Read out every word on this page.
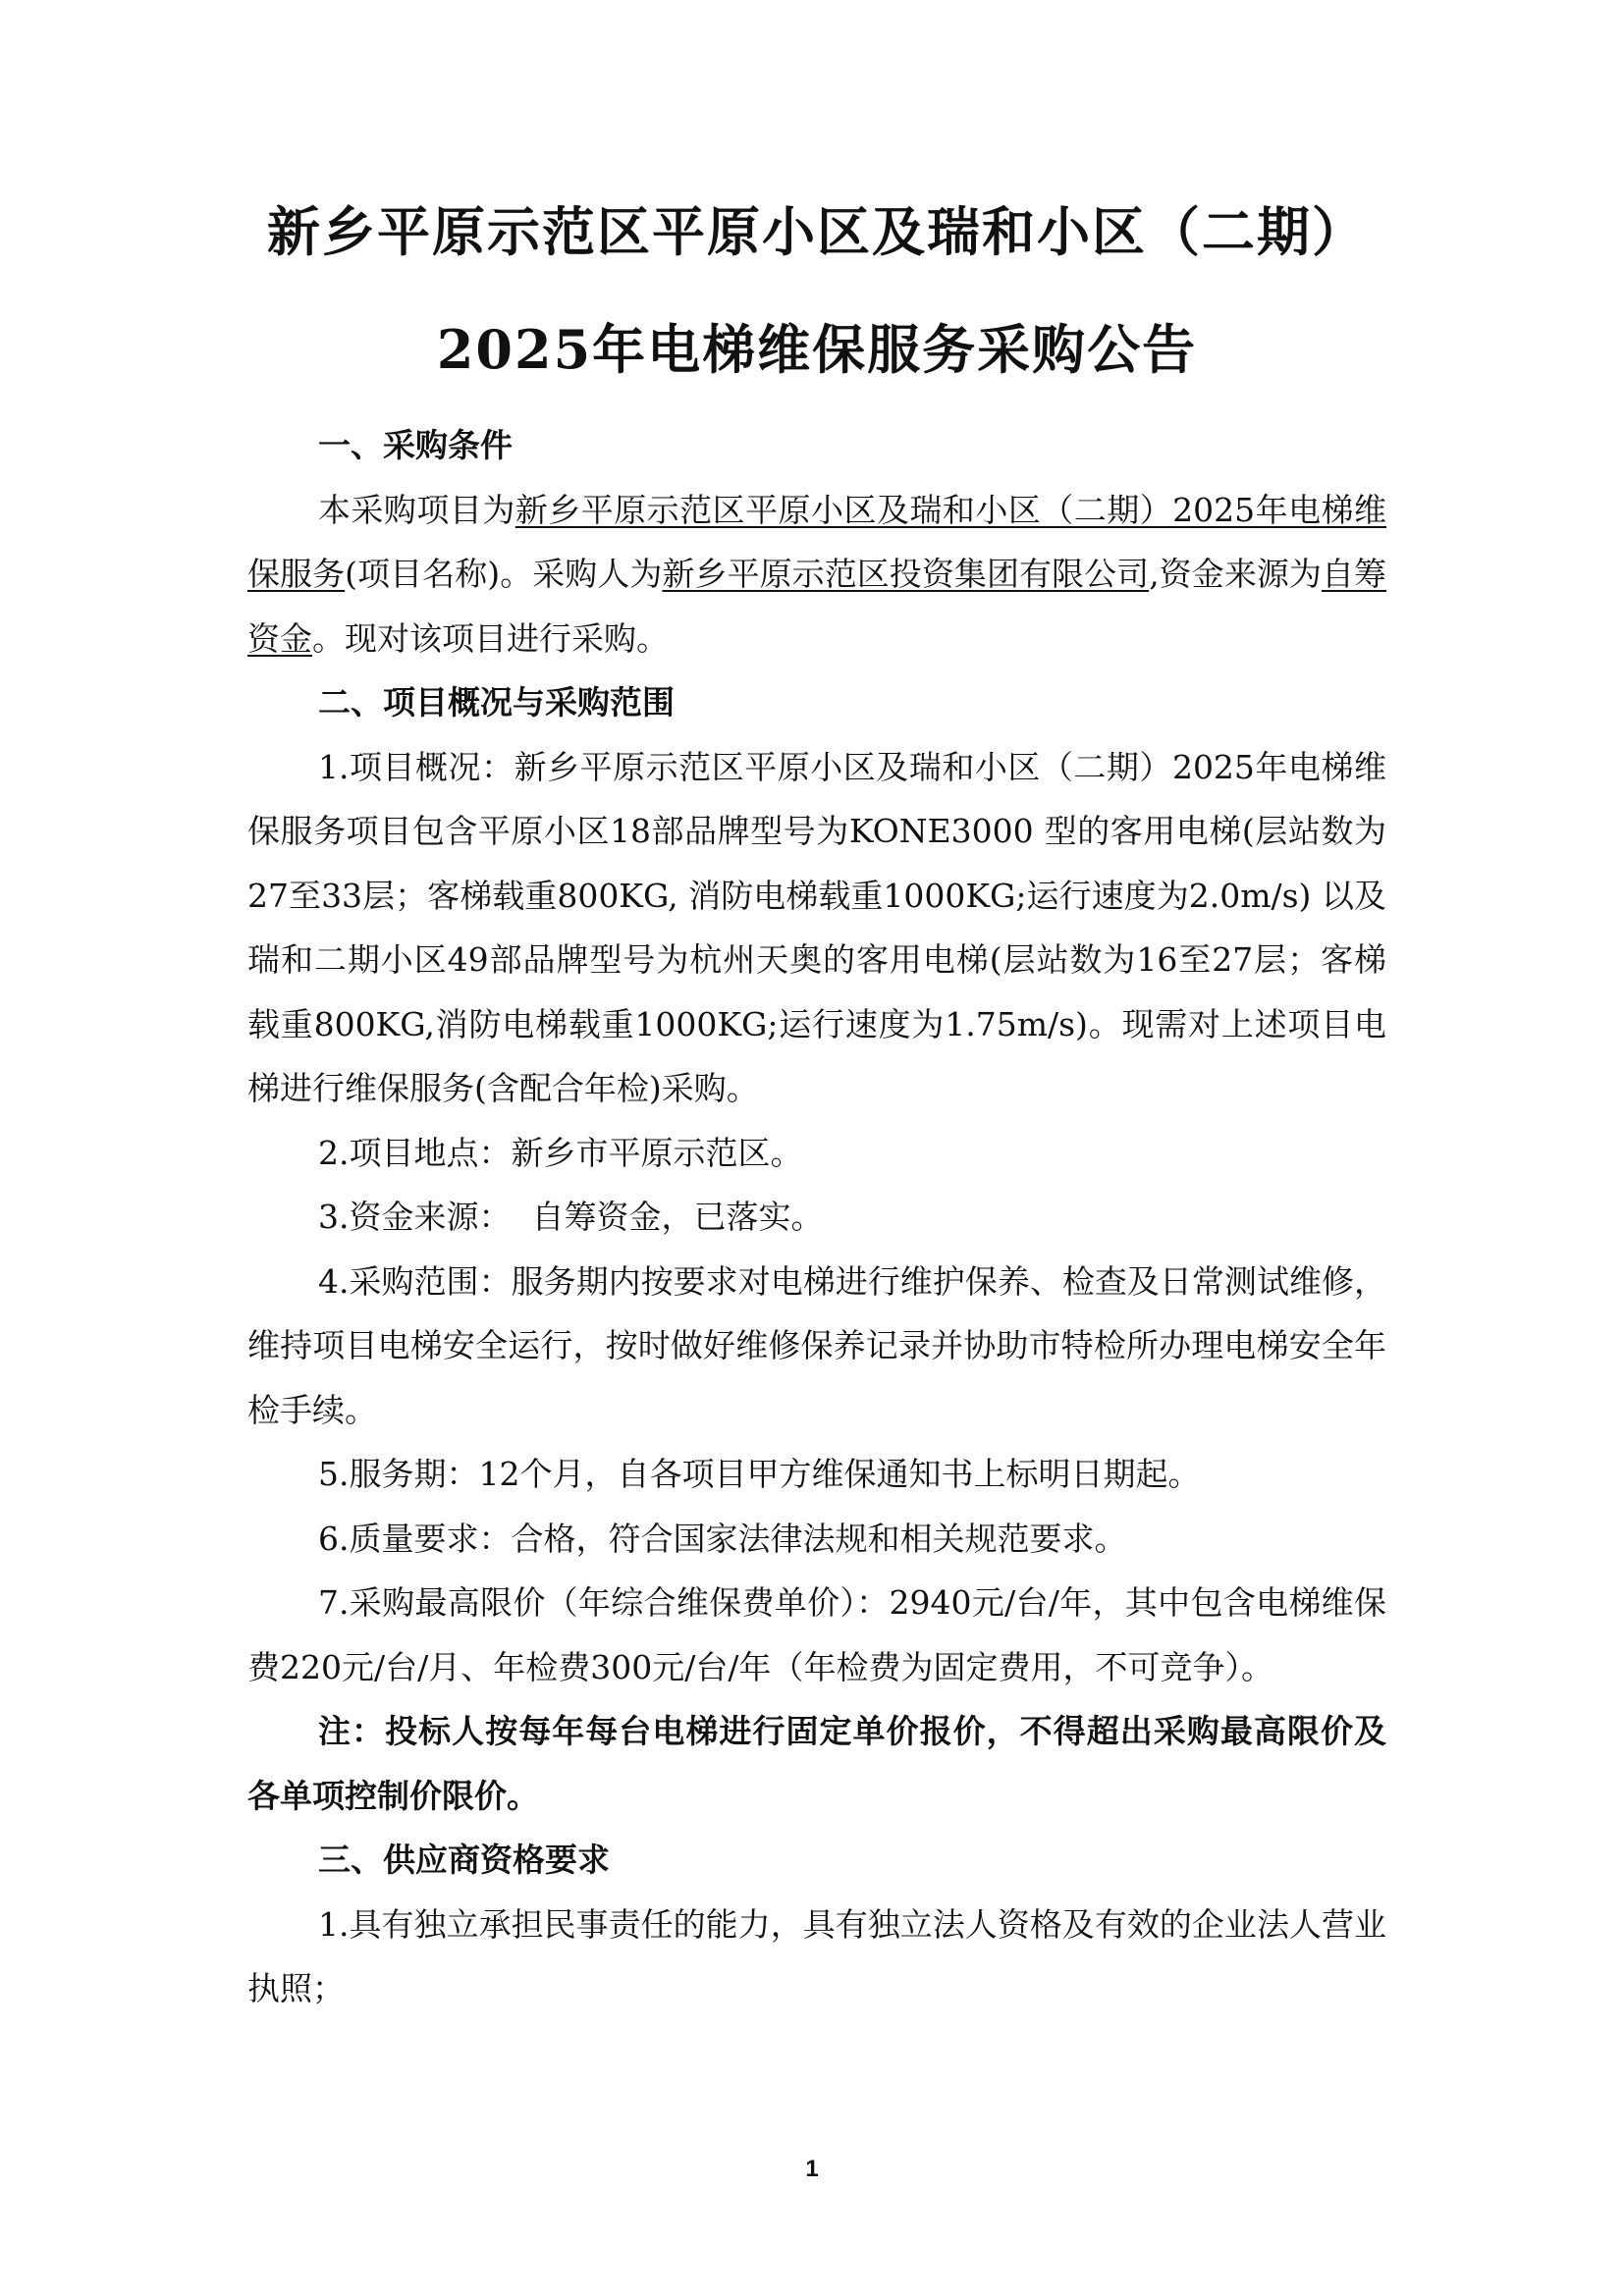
新乡平原示范区平原小区及瑞和小区（二期）
2025年电梯维保服务采购公告

一、采购条件

本采购项目为新乡平原示范区平原小区及瑞和小区（二期）2025年电梯维保服务(项目名称)。采购人为新乡平原示范区投资集团有限公司,资金来源为自筹资金。现对该项目进行采购。

二、项目概况与采购范围

1.项目概况：新乡平原示范区平原小区及瑞和小区（二期）2025年电梯维保服务项目包含平原小区18部品牌型号为KONE3000 型的客用电梯(层站数为27至33层；客梯载重800KG, 消防电梯载重1000KG;运行速度为2.0m/s) 以及瑞和二期小区49部品牌型号为杭州天奥的客用电梯(层站数为16至27层；客梯载重800KG,消防电梯载重1000KG;运行速度为1.75m/s)。现需对上述项目电梯进行维保服务(含配合年检)采购。

2.项目地点：新乡市平原示范区。

3.资金来源：  自筹资金，已落实。

4.采购范围：服务期内按要求对电梯进行维护保养、检查及日常测试维修，维持项目电梯安全运行，按时做好维修保养记录并协助市特检所办理电梯安全年检手续。

5.服务期：12个月，自各项目甲方维保通知书上标明日期起。

6.质量要求：合格，符合国家法律法规和相关规范要求。

7.采购最高限价（年综合维保费单价）：2940元/台/年，其中包含电梯维保费220元/台/月、年检费300元/台/年（年检费为固定费用，不可竞争）。

注：投标人按每年每台电梯进行固定单价报价，不得超出采购最高限价及各单项控制价限价。

三、供应商资格要求

1.具有独立承担民事责任的能力，具有独立法人资格及有效的企业法人营业执照；

1
